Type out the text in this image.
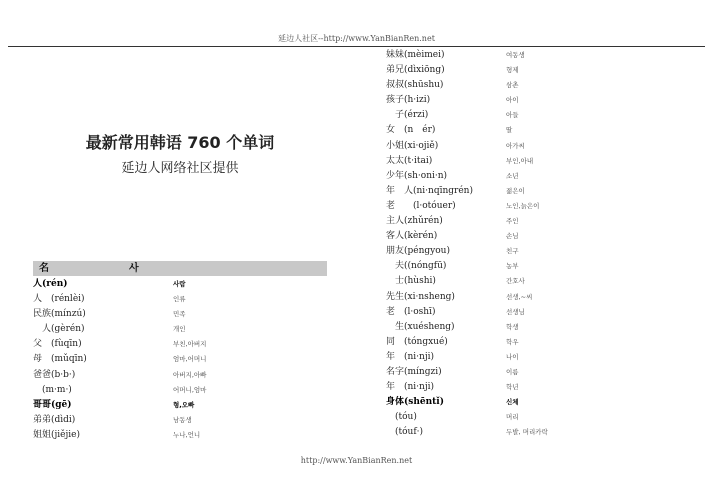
延边人社区--http://www.YanBianRen.net
最新常用韩语 760 个单词
延边人网络社区提供
名	사
人(rén)	사람
人　(rénlèi)	인류
民族(mínzú)	민족
　人(gèrén)	개인
父　(fùqīn)	부친,아버지
母　(mǔqīn)	엄마,어머니
爸爸(b·b·)	아버지,아빠
　(m·m·)	어머니,엄마
哥哥(gē)	형,오빠
弟弟(dìdi)	남동생
姐姐(jiějie)	누나,언니
妹妹(mèimei)	여동생
弟兄(dìxiōng)	형제
叔叔(shūshu)	삼촌
孩子(h·izi)	아이
　子(érzi)	아들
女　(n　ér)	딸
小姐(xi·ojiě)	아가씨
太太(t·itai)	부인,아내
少年(sh·oni·n)	소년
年　人(ni·nqīngrén)	젊은이
老　　(l·otóuer)	노인,늙은이
主人(zhǔrén)	주인
客人(kèrén)	손님
朋友(péngyou)	친구
　夫((nóngfū)	농부
　士(hùshi)	간호사
先生(xi·nsheng)	선생,~씨
老　(l·oshī)	선생님
　生(xuésheng)	학생
同　(tóngxué)	학우
年　(ni·nji)	나이
名字(míngzi)	이름
年　(ni·nji)	학년
身体(shēntǐ)	신체
　(tóu)	머리
　(tóuf·)	두발, 머리카락
http://www.YanBianRen.net
